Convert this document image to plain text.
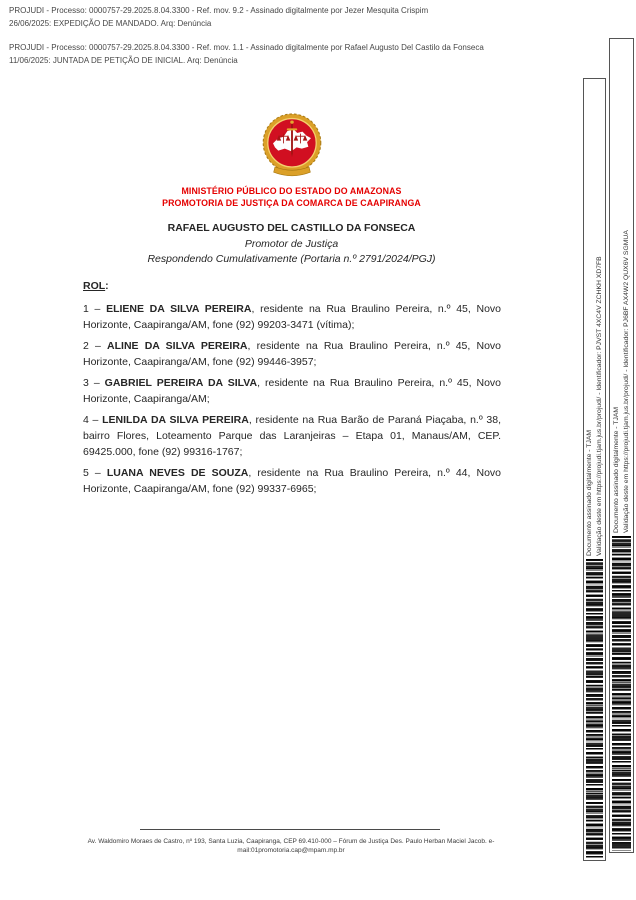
PROJUDI - Processo: 0000757-29.2025.8.04.3300 - Ref. mov. 9.2 - Assinado digitalmente por Jezer Mesquita Crispim
26/06/2025: EXPEDIÇÃO DE MANDADO. Arq: Denúncia

PROJUDI - Processo: 0000757-29.2025.8.04.3300 - Ref. mov. 1.1 - Assinado digitalmente por Rafael Augusto Del Castilo da Fonseca
11/06/2025: JUNTADA DE PETIÇÃO DE INICIAL. Arq: Denúncia

MINISTÉRIO PÚBLICO DO ESTADO DO AMAZONAS
PROMOTORIA DE JUSTIÇA DA COMARCA DE CAAPIRANGA
RAFAEL AUGUSTO DEL CASTILLO DA FONSECA
Promotor de Justiça
Respondendo Cumulativamente (Portaria n.º 2791/2024/PGJ)
ROL:

1 – ELIENE DA SILVA PEREIRA, residente na Rua Braulino Pereira, n.º 45, Novo Horizonte, Caapiranga/AM, fone (92) 99203-3471 (vítima);

2 – ALINE DA SILVA PEREIRA, residente na Rua Braulino Pereira, n.º 45, Novo Horizonte, Caapiranga/AM, fone (92) 99446-3957;

3 – GABRIEL PEREIRA DA SILVA, residente na Rua Braulino Pereira, n.º 45, Novo Horizonte, Caapiranga/AM;

4 – LENILDA DA SILVA PEREIRA, residente na Rua Barão de Paraná Piaçaba, n.º 38, bairro Flores, Loteamento Parque das Laranjeiras – Etapa 01, Manaus/AM, CEP. 69425.000, fone (92) 99316-1767;

5 – LUANA NEVES DE SOUZA, residente na Rua Braulino Pereira, n.º 44, Novo Horizonte, Caapiranga/AM, fone (92) 99337-6965;

Av. Waldomiro Moraes de Castro, nº 193, Santa Luzia, Caapiranga, CEP 69.410-000 – Fórum de Justiça Des. Paulo Herban Maciel Jacob. e-mail:01promotoria.cap@mpam.mp.br
Documento assinado digitalmente - TJAM Validação deste em https://projudi.tjam.jus.br/projudi/ - Identificador: PJVST 4XC4V ZCHKH XD7FB Documento assinado digitalmente - TJAM Validação deste em https://projudi.tjam.jus.br/projudi/ - Identificador: PJ6BF AX4W2 QUX6V SGMUA
